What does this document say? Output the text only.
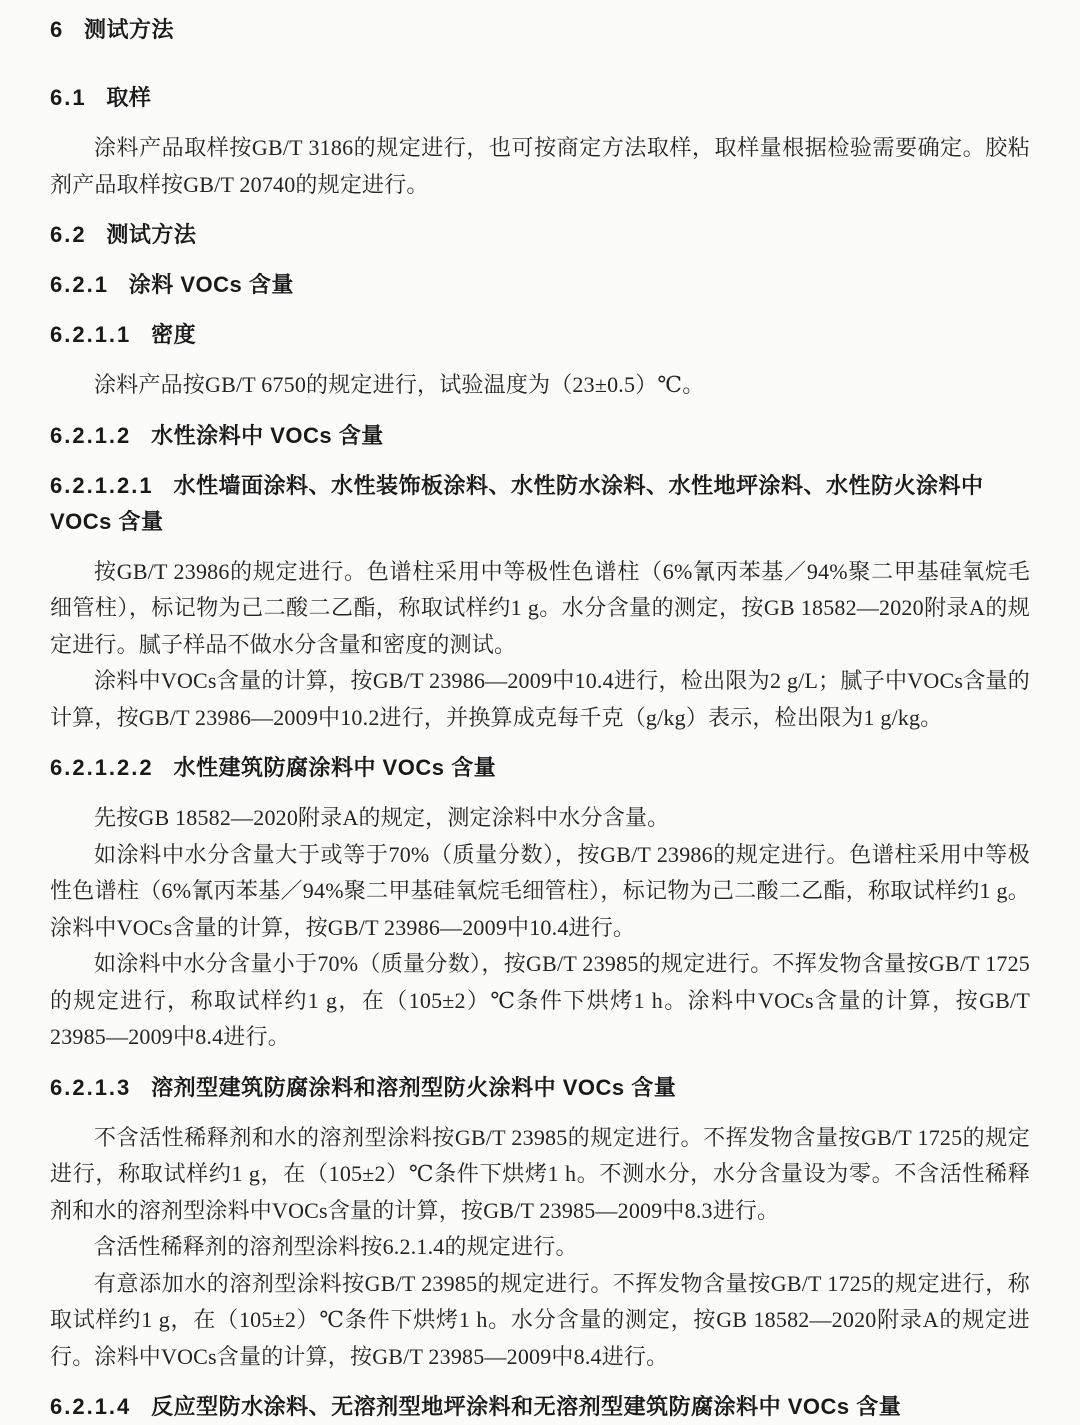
6 测试方法
6.1 取样

涂料产品取样按GB/T 3186的规定进行，也可按商定方法取样，取样量根据检验需要确定。胶粘剂产品取样按GB/T 20740的规定进行。

6.2 测试方法
6.2.1 涂料 VOCs 含量
6.2.1.1 密度

涂料产品按GB/T 6750的规定进行，试验温度为（23±0.5）℃。

6.2.1.2 水性涂料中 VOCs 含量
6.2.1.2.1 水性墙面涂料、水性装饰板涂料、水性防水涂料、水性地坪涂料、水性防火涂料中 VOCs 含量

按GB/T 23986的规定进行。色谱柱采用中等极性色谱柱（6%氰丙苯基／94%聚二甲基硅氧烷毛细管柱），标记物为己二酸二乙酯，称取试样约1 g。水分含量的测定，按GB 18582—2020附录A的规定进行。腻子样品不做水分含量和密度的测试。

涂料中VOCs含量的计算，按GB/T 23986—2009中10.4进行，检出限为2 g/L；腻子中VOCs含量的计算，按GB/T 23986—2009中10.2进行，并换算成克每千克（g/kg）表示，检出限为1 g/kg。

6.2.1.2.2 水性建筑防腐涂料中 VOCs 含量

先按GB 18582—2020附录A的规定，测定涂料中水分含量。

如涂料中水分含量大于或等于70%（质量分数），按GB/T 23986的规定进行。色谱柱采用中等极性色谱柱（6%氰丙苯基／94%聚二甲基硅氧烷毛细管柱），标记物为己二酸二乙酯，称取试样约1 g。涂料中VOCs含量的计算，按GB/T 23986—2009中10.4进行。

如涂料中水分含量小于70%（质量分数），按GB/T 23985的规定进行。不挥发物含量按GB/T 1725的规定进行，称取试样约1 g，在（105±2）℃条件下烘烤1 h。涂料中VOCs含量的计算，按GB/T 23985—2009中8.4进行。

6.2.1.3 溶剂型建筑防腐涂料和溶剂型防火涂料中 VOCs 含量

不含活性稀释剂和水的溶剂型涂料按GB/T 23985的规定进行。不挥发物含量按GB/T 1725的规定进行，称取试样约1 g，在（105±2）℃条件下烘烤1 h。不测水分，水分含量设为零。不含活性稀释剂和水的溶剂型涂料中VOCs含量的计算，按GB/T 23985—2009中8.3进行。

含活性稀释剂的溶剂型涂料按6.2.1.4的规定进行。

有意添加水的溶剂型涂料按GB/T 23985的规定进行。不挥发物含量按GB/T 1725的规定进行，称取试样约1 g，在（105±2）℃条件下烘烤1 h。水分含量的测定，按GB 18582—2020附录A的规定进行。涂料中VOCs含量的计算，按GB/T 23985—2009中8.4进行。

6.2.1.4 反应型防水涂料、无溶剂型地坪涂料和无溶剂型建筑防腐涂料中 VOCs 含量
